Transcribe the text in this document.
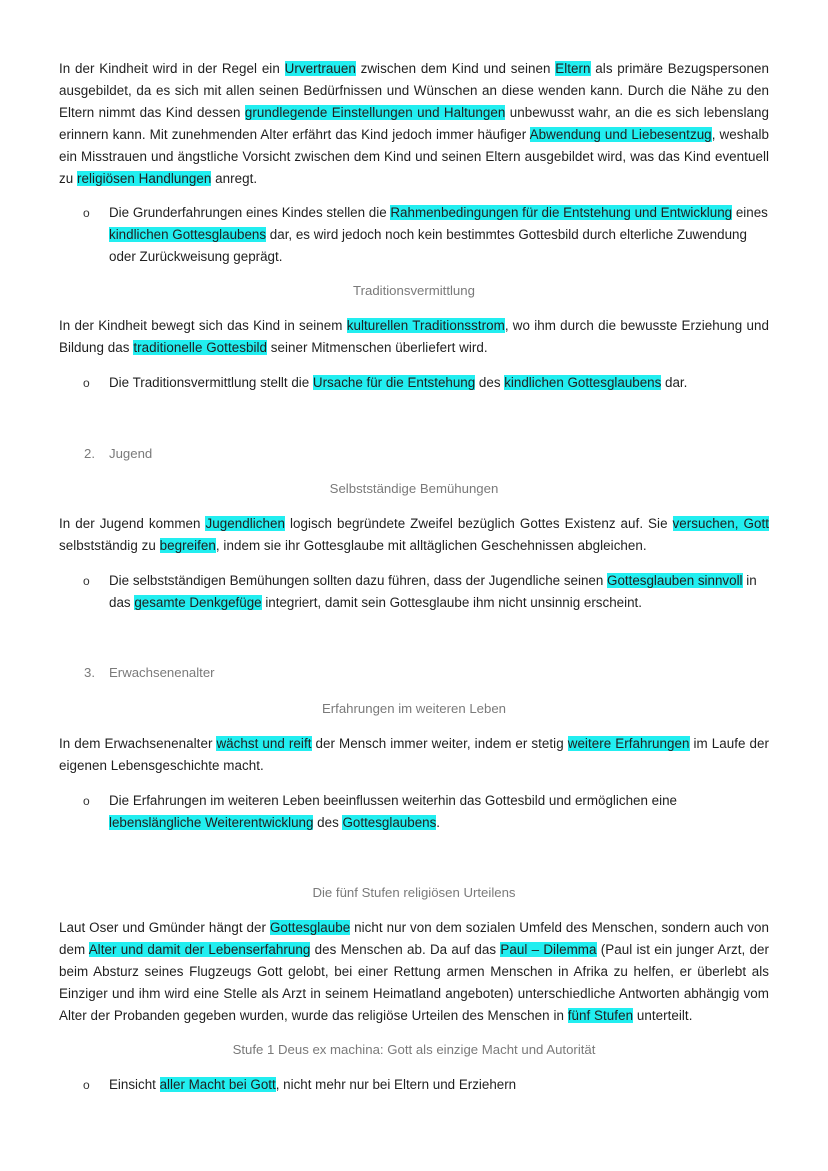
In der Kindheit wird in der Regel ein Urvertrauen zwischen dem Kind und seinen Eltern als primäre Bezugspersonen ausgebildet, da es sich mit allen seinen Bedürfnissen und Wünschen an diese wenden kann. Durch die Nähe zu den Eltern nimmt das Kind dessen grundlegende Einstellungen und Haltungen unbewusst wahr, an die es sich lebenslang erinnern kann. Mit zunehmenden Alter erfährt das Kind jedoch immer häufiger Abwendung und Liebesentzug, weshalb ein Misstrauen und ängstliche Vorsicht zwischen dem Kind und seinen Eltern ausgebildet wird, was das Kind eventuell zu religiösen Handlungen anregt.
o Die Grunderfahrungen eines Kindes stellen die Rahmenbedingungen für die Entstehung und Entwicklung eines kindlichen Gottesglaubens dar, es wird jedoch noch kein bestimmtes Gottesbild durch elterliche Zuwendung oder Zurückweisung geprägt.
Traditionsvermittlung
In der Kindheit bewegt sich das Kind in seinem kulturellen Traditionsstrom, wo ihm durch die bewusste Erziehung und Bildung das traditionelle Gottesbild seiner Mitmenschen überliefert wird.
o Die Traditionsvermittlung stellt die Ursache für die Entstehung des kindlichen Gottesglaubens dar.
2. Jugend
Selbstständige Bemühungen
In der Jugend kommen Jugendlichen logisch begründete Zweifel bezüglich Gottes Existenz auf. Sie versuchen, Gott selbstständig zu begreifen, indem sie ihr Gottesglaube mit alltäglichen Geschehnissen abgleichen.
o Die selbstständigen Bemühungen sollten dazu führen, dass der Jugendliche seinen Gottesglauben sinnvoll in das gesamte Denkgefüge integriert, damit sein Gottesglaube ihm nicht unsinnig erscheint.
3. Erwachsenenalter
Erfahrungen im weiteren Leben
In dem Erwachsenenalter wächst und reift der Mensch immer weiter, indem er stetig weitere Erfahrungen im Laufe der eigenen Lebensgeschichte macht.
o Die Erfahrungen im weiteren Leben beeinflussen weiterhin das Gottesbild und ermöglichen eine lebenslängliche Weiterentwicklung des Gottesglaubens.
Die fünf Stufen religiösen Urteilens
Laut Oser und Gmünder hängt der Gottesglaube nicht nur von dem sozialen Umfeld des Menschen, sondern auch von dem Alter und damit der Lebenserfahrung des Menschen ab. Da auf das Paul – Dilemma (Paul ist ein junger Arzt, der beim Absturz seines Flugzeugs Gott gelobt, bei einer Rettung armen Menschen in Afrika zu helfen, er überlebt als Einziger und ihm wird eine Stelle als Arzt in seinem Heimatland angeboten) unterschiedliche Antworten abhängig vom Alter der Probanden gegeben wurden, wurde das religiöse Urteilen des Menschen in fünf Stufen unterteilt.
Stufe 1 Deus ex machina: Gott als einzige Macht und Autorität
o Einsicht aller Macht bei Gott, nicht mehr nur bei Eltern und Erziehern
